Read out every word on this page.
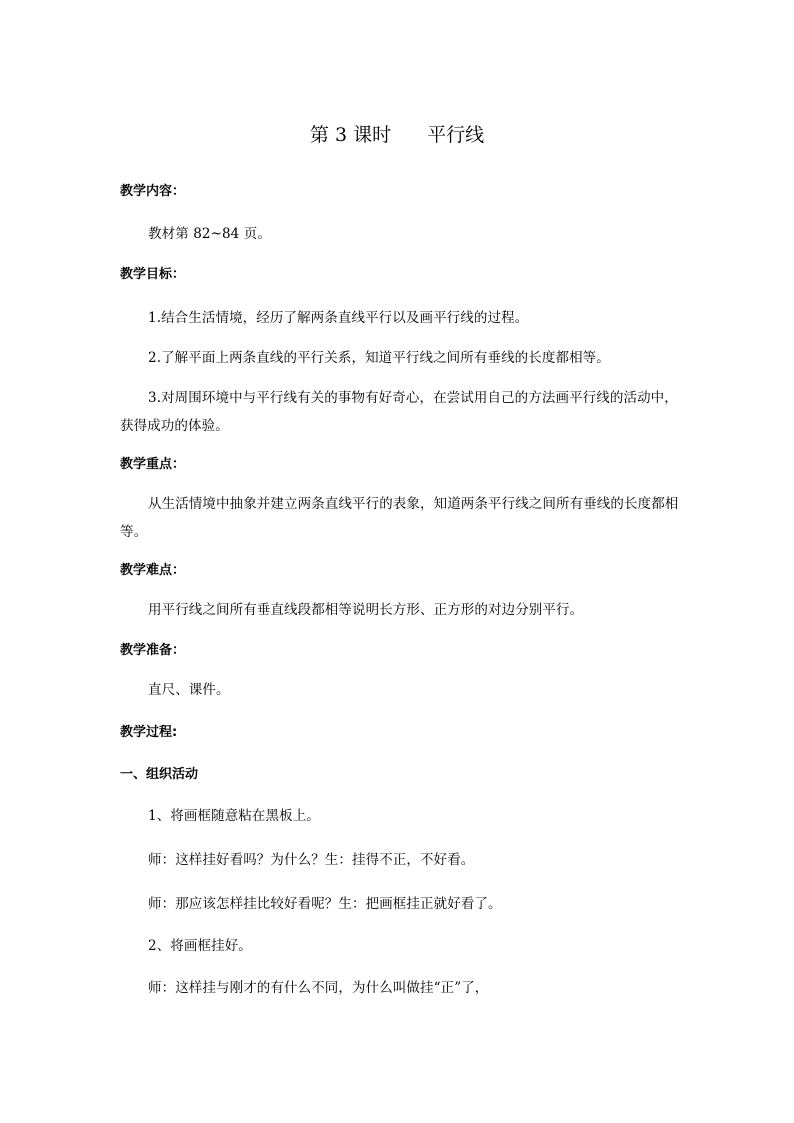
第 3 课时 平行线
教学内容：
教材第 82~84 页。
教学目标：
1.结合生活情境，经历了解两条直线平行以及画平行线的过程。
2.了解平面上两条直线的平行关系，知道平行线之间所有垂线的长度都相等。
3.对周围环境中与平行线有关的事物有好奇心，在尝试用自己的方法画平行线的活动中，获得成功的体验。
教学重点：
从生活情境中抽象并建立两条直线平行的表象，知道两条平行线之间所有垂线的长度都相等。
教学难点：
用平行线之间所有垂直线段都相等说明长方形、正方形的对边分别平行。
教学准备：
直尺、课件。
教学过程:
一、组织活动
1、将画框随意粘在黑板上。
师：这样挂好看吗？为什么？生：挂得不正，不好看。
师：那应该怎样挂比较好看呢？生：把画框挂正就好看了。
2、将画框挂好。
师：这样挂与刚才的有什么不同，为什么叫做挂“正”了，
